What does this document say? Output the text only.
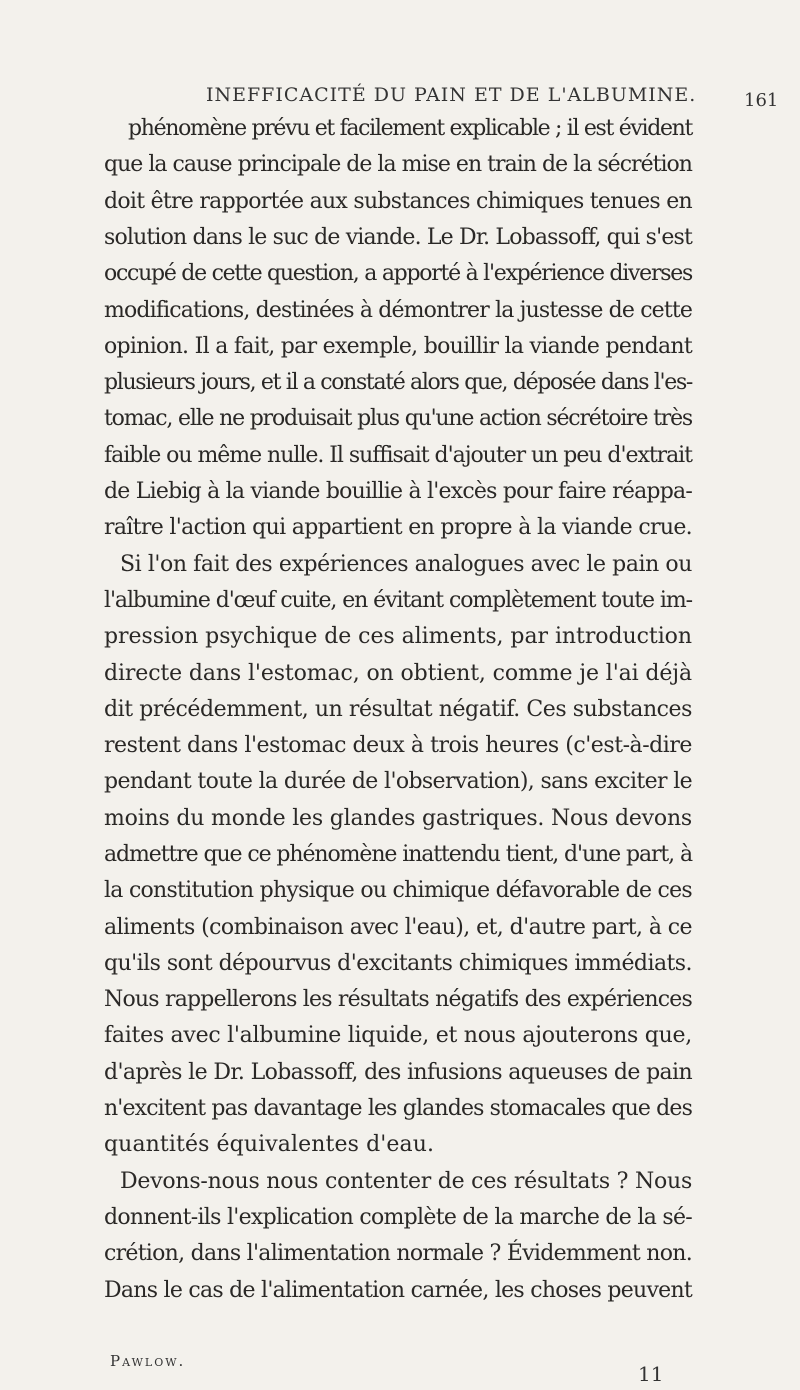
INEFFICACITÉ DU PAIN ET DE L'ALBUMINE.	161
phénomène prévu et facilement explicable ; il est évident
que la cause principale de la mise en train de la sécrétion
doit être rapportée aux substances chimiques tenues en
solution dans le suc de viande. Le Dr. Lobassoff, qui s'est
occupé de cette question, a apporté à l'expérience diverses
modifications, destinées à démontrer la justesse de cette
opinion. Il a fait, par exemple, bouillir la viande pendant
plusieurs jours, et il a constaté alors que, déposée dans l'es-
tomac, elle ne produisait plus qu'une action sécrétoire très
faible ou même nulle. Il suffisait d'ajouter un peu d'extrait
de Liebig à la viande bouillie à l'excès pour faire réappa-
raître l'action qui appartient en propre à la viande crue.
Si l'on fait des expériences analogues avec le pain ou
l'albumine d'œuf cuite, en évitant complètement toute im-
pression psychique de ces aliments, par introduction
directe dans l'estomac, on obtient, comme je l'ai déjà
dit précédemment, un résultat négatif. Ces substances
restent dans l'estomac deux à trois heures (c'est-à-dire
pendant toute la durée de l'observation), sans exciter le
moins du monde les glandes gastriques. Nous devons
admettre que ce phénomène inattendu tient, d'une part, à
la constitution physique ou chimique défavorable de ces
aliments (combinaison avec l'eau), et, d'autre part, à ce
qu'ils sont dépourvus d'excitants chimiques immédiats.
Nous rappellerons les résultats négatifs des expériences
faites avec l'albumine liquide, et nous ajouterons que,
d'après le Dr. Lobassoff, des infusions aqueuses de pain
n'excitent pas davantage les glandes stomacales que des
quantités équivalentes d'eau.
Devons-nous nous contenter de ces résultats ? Nous
donnent-ils l'explication complète de la marche de la sé-
crétion, dans l'alimentation normale ? Évidemment non.
Dans le cas de l'alimentation carnée, les choses peuvent
Pawlow.
11
